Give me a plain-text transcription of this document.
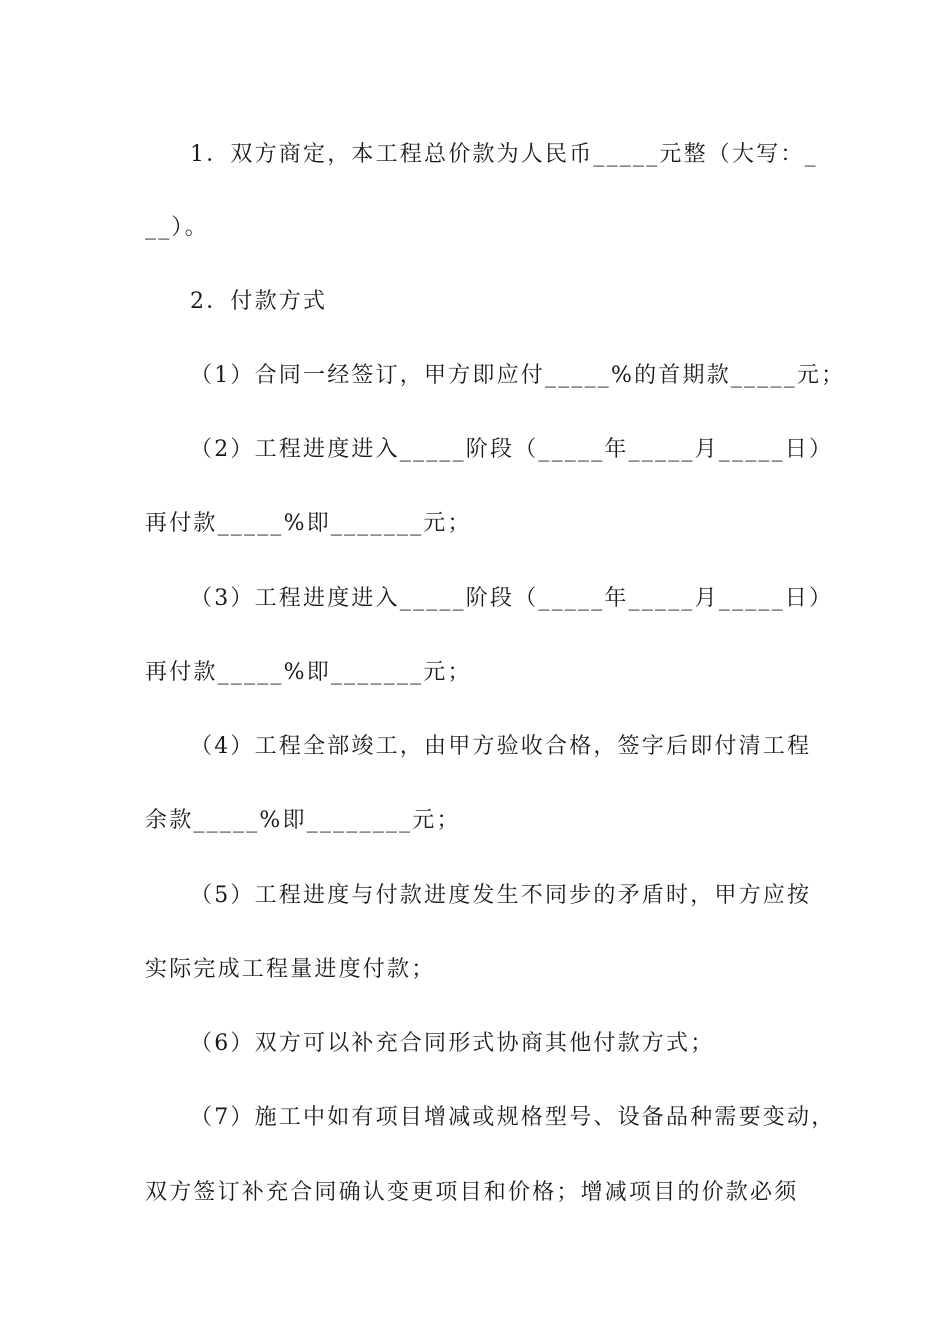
1．双方商定，本工程总价款为人民币_____元整（大写：_
__）。
2．付款方式
（1）合同一经签订，甲方即应付_____%的首期款_____元；
（2）工程进度进入_____阶段（_____年_____月_____日）
再付款_____%即_______元；
（3）工程进度进入_____阶段（_____年_____月_____日）
再付款_____%即_______元；
（4）工程全部竣工，由甲方验收合格，签字后即付清工程
余款_____%即________元；
（5）工程进度与付款进度发生不同步的矛盾时，甲方应按
实际完成工程量进度付款；
（6）双方可以补充合同形式协商其他付款方式；
（7）施工中如有项目增减或规格型号、设备品种需要变动，
双方签订补充合同确认变更项目和价格；增减项目的价款必须
